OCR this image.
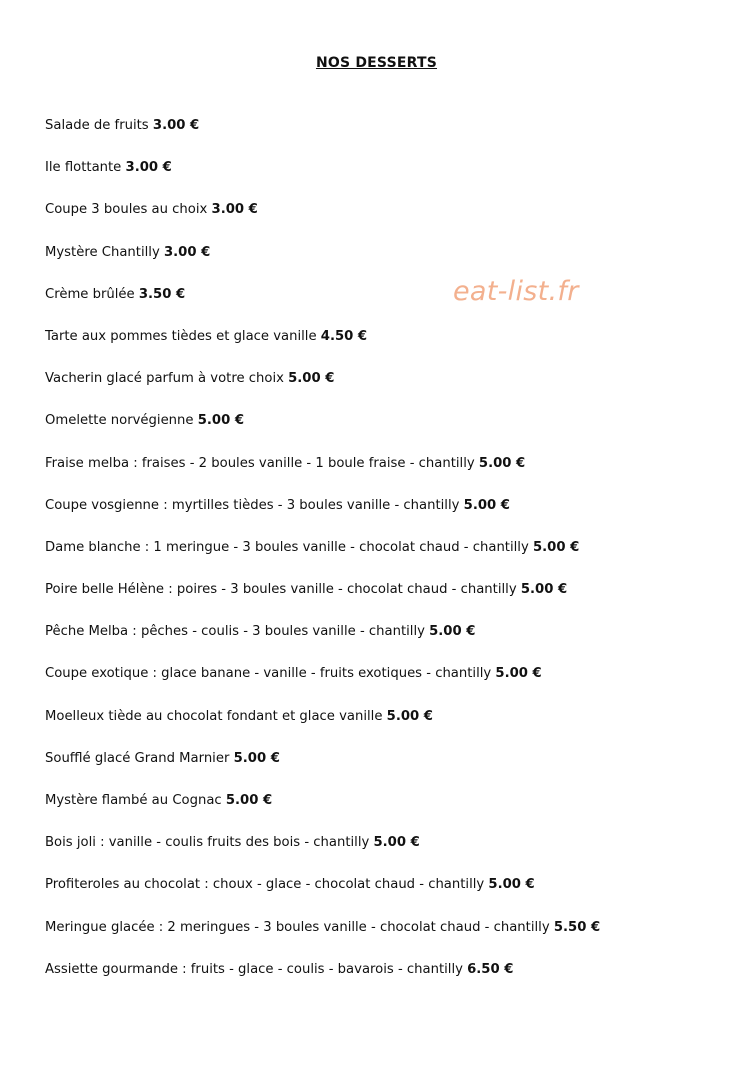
NOS DESSERTS
eat-list.fr
Salade de fruits 3.00 €
Ile flottante 3.00 €
Coupe 3 boules au choix 3.00 €
Mystère Chantilly 3.00 €
Crème brûlée 3.50 €
Tarte aux pommes tièdes et glace vanille 4.50 €
Vacherin glacé parfum à votre choix 5.00 €
Omelette norvégienne 5.00 €
Fraise melba : fraises - 2 boules vanille - 1 boule fraise - chantilly 5.00 €
Coupe vosgienne : myrtilles tièdes - 3 boules vanille - chantilly 5.00 €
Dame blanche : 1 meringue - 3 boules vanille - chocolat chaud - chantilly 5.00 €
Poire belle Hélène : poires - 3 boules vanille - chocolat chaud - chantilly 5.00 €
Pêche Melba : pêches - coulis - 3 boules vanille - chantilly 5.00 €
Coupe exotique : glace banane - vanille - fruits exotiques - chantilly 5.00 €
Moelleux tiède au chocolat fondant et glace vanille 5.00 €
Soufflé glacé Grand Marnier 5.00 €
Mystère flambé au Cognac 5.00 €
Bois joli : vanille - coulis fruits des bois - chantilly 5.00 €
Profiteroles au chocolat : choux - glace - chocolat chaud - chantilly 5.00 €
Meringue glacée : 2 meringues - 3 boules vanille - chocolat chaud - chantilly 5.50 €
Assiette gourmande : fruits - glace - coulis - bavarois - chantilly 6.50 €
